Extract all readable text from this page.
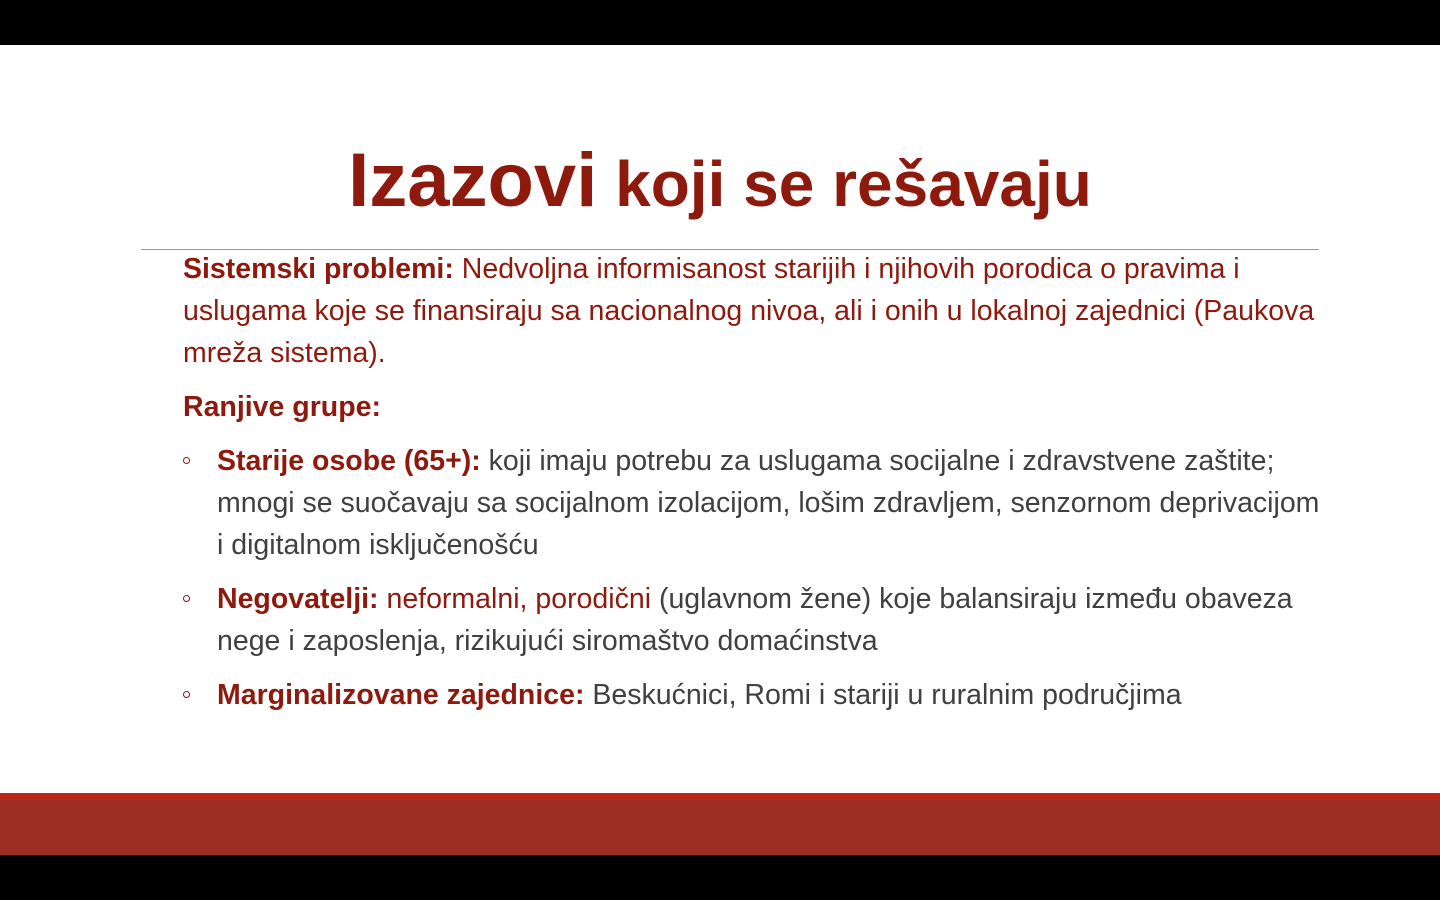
Izazovi koji se rešavaju

Sistemski problemi: Nedvoljna informisanost starijih i njihovih porodica o pravima i uslugama koje se finansiraju sa nacionalnog nivoa, ali i onih u lokalnoj zajednici (Paukova mreža sistema).

Ranjive grupe:

Starije osobe (65+): koji imaju potrebu za uslugama socijalne i zdravstvene zaštite; mnogi se suočavaju sa socijalnom izolacijom, lošim zdravljem, senzornom deprivacijom i digitalnom isključenošću
Negovatelji: neformalni, porodični (uglavnom žene) koje balansiraju između obaveza nege i zaposlenja, rizikujući siromaštvo domaćinstva
Marginalizovane zajednice: Beskućnici, Romi i stariji u ruralnim područjima
